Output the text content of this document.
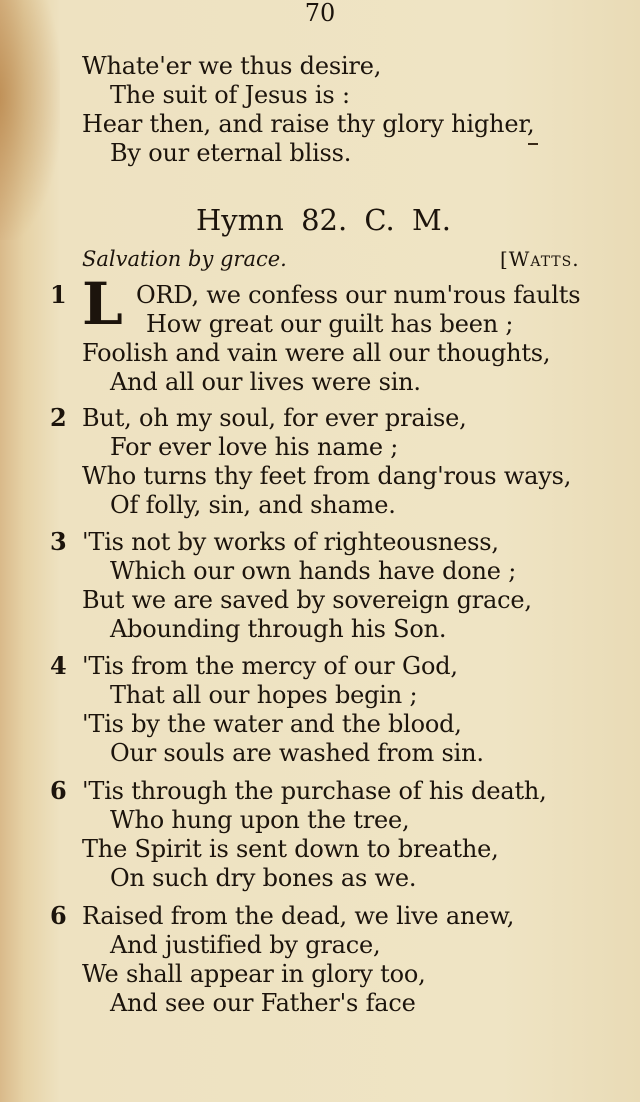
70
Whate'er we thus desire,
The suit of Jesus is :
Hear then, and raise thy glory higher,
By our eternal bliss.
Hymn 82. C. M.
Salvation by grace.	[Watts.
1	ORD, we confess our num'rous faults
How great our guilt has been ;
Foolish and vain were all our thoughts,
And all our lives were sin.
L
2 But, oh my soul, for ever praise,
For ever love his name ;
Who turns thy feet from dang'rous ways,
Of folly, sin, and shame.
3 'Tis not by works of righteousness,
Which our own hands have done ;
But we are saved by sovereign grace,
Abounding through his Son.
4 'Tis from the mercy of our God,
That all our hopes begin ;
'Tis by the water and the blood,
Our souls are washed from sin.
6 'Tis through the purchase of his death,
Who hung upon the tree,
The Spirit is sent down to breathe,
On such dry bones as we.
6 Raised from the dead, we live anew,
And justified by grace,
We shall appear in glory too,
And see our Father's face
